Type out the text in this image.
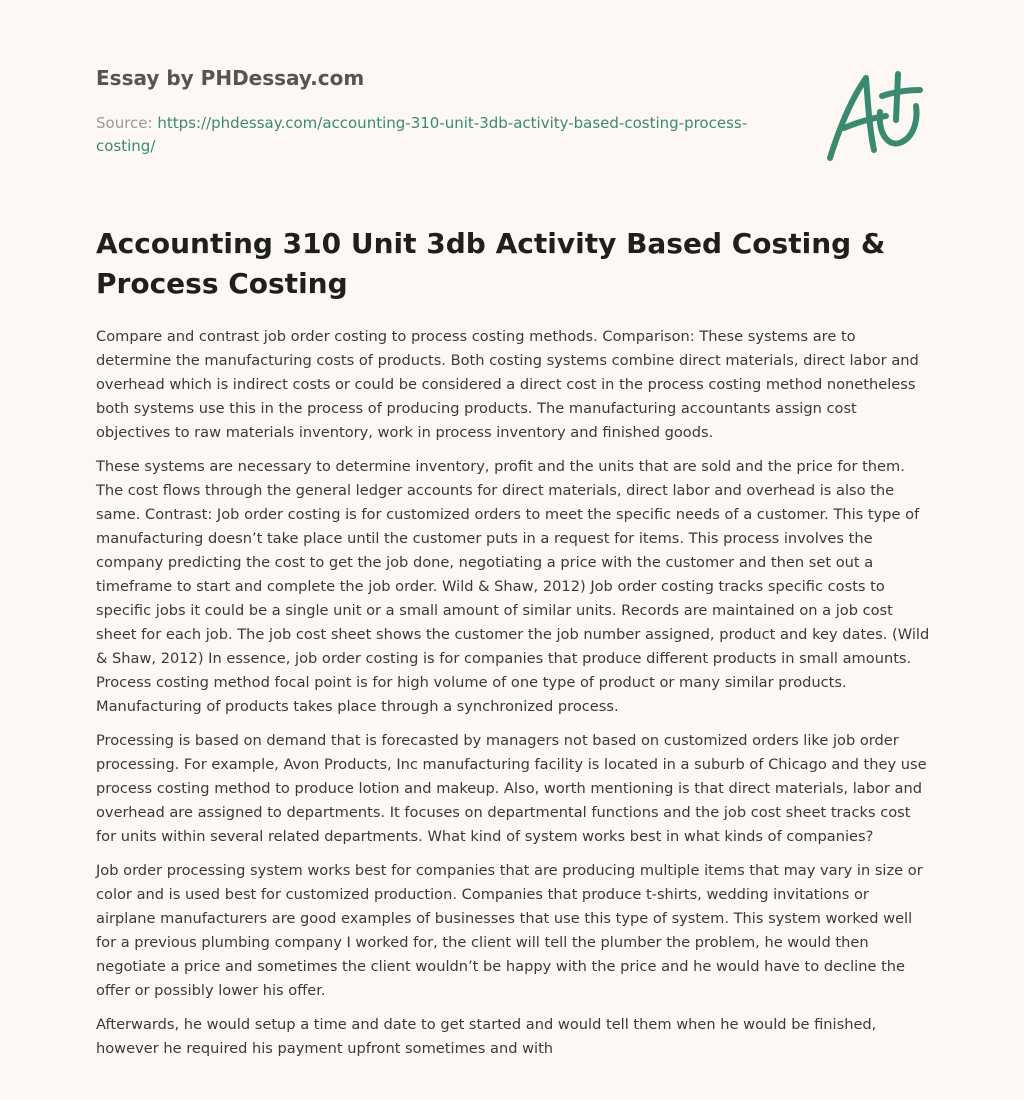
Essay by PHDessay.com

Source: https://phdessay.com/accounting-310-unit-3db-activity-based-costing-process-costing/
Accounting 310 Unit 3db Activity Based Costing & Process Costing

Compare and contrast job order costing to process costing methods. Comparison: These systems are to determine the manufacturing costs of products. Both costing systems combine direct materials, direct labor and overhead which is indirect costs or could be considered a direct cost in the process costing method nonetheless both systems use this in the process of producing products. The manufacturing accountants assign cost objectives to raw materials inventory, work in process inventory and finished goods.

These systems are necessary to determine inventory, profit and the units that are sold and the price for them. The cost flows through the general ledger accounts for direct materials, direct labor and overhead is also the same. Contrast: Job order costing is for customized orders to meet the specific needs of a customer. This type of manufacturing doesn’t take place until the customer puts in a request for items. This process involves the company predicting the cost to get the job done, negotiating a price with the customer and then set out a timeframe to start and complete the job order. Wild & Shaw, 2012) Job order costing tracks specific costs to specific jobs it could be a single unit or a small amount of similar units. Records are maintained on a job cost sheet for each job. The job cost sheet shows the customer the job number assigned, product and key dates. (Wild & Shaw, 2012) In essence, job order costing is for companies that produce different products in small amounts. Process costing method focal point is for high volume of one type of product or many similar products. Manufacturing of products takes place through a synchronized process.

Processing is based on demand that is forecasted by managers not based on customized orders like job order processing. For example, Avon Products, Inc manufacturing facility is located in a suburb of Chicago and they use process costing method to produce lotion and makeup. Also, worth mentioning is that direct materials, labor and overhead are assigned to departments. It focuses on departmental functions and the job cost sheet tracks cost for units within several related departments. What kind of system works best in what kinds of companies?

Job order processing system works best for companies that are producing multiple items that may vary in size or color and is used best for customized production. Companies that produce t-shirts, wedding invitations or airplane manufacturers are good examples of businesses that use this type of system. This system worked well for a previous plumbing company I worked for, the client will tell the plumber the problem, he would then negotiate a price and sometimes the client wouldn’t be happy with the price and he would have to decline the offer or possibly lower his offer.

Afterwards, he would setup a time and date to get started and would tell them when he would be finished, however he required his payment upfront sometimes and with
